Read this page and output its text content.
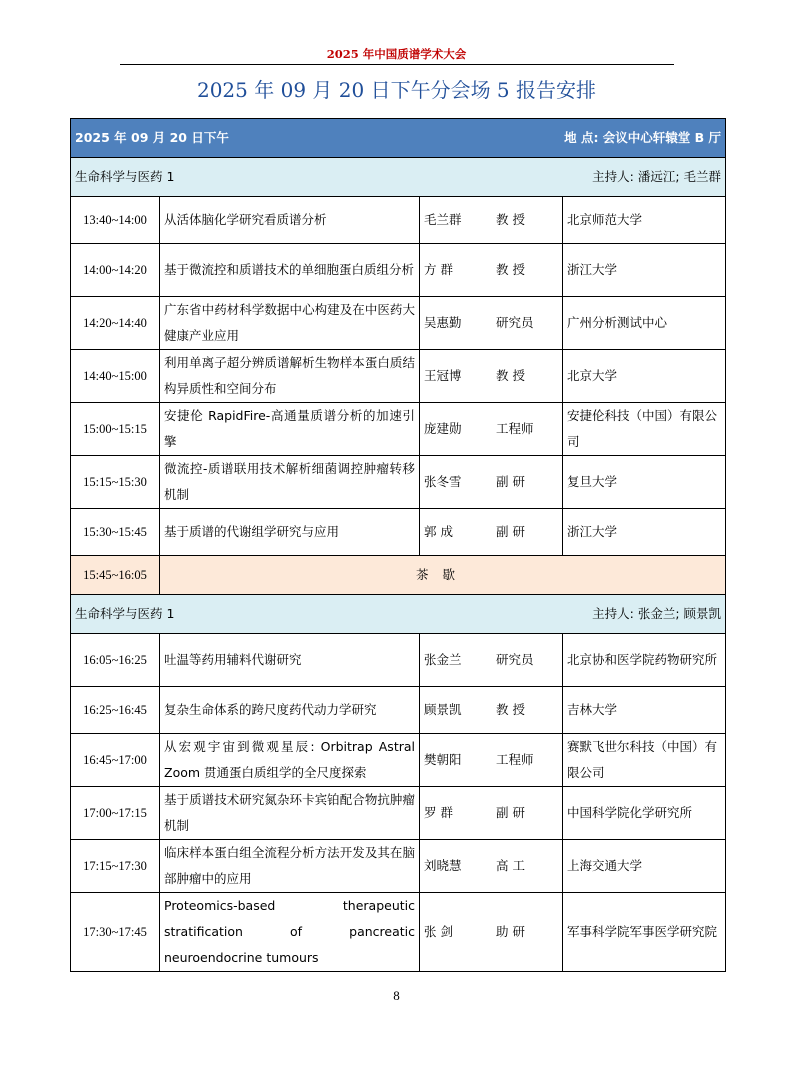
2025 年中国质谱学术大会
2025 年 09 月 20 日下午分会场 5 报告安排
2025 年 09 月 20 日下午 地 点: 会议中心轩辕堂 B 厅			

生命科学与医药 1 主持人: 潘远江; 毛兰群			

13:40~14:00	从活体脑化学研究看质谱分析	毛兰群 教 授	北京师范大学
14:00~14:20	基于微流控和质谱技术的单细胞蛋白质组分析	方 群 教 授	浙江大学
14:20~14:40	广东省中药材科学数据中心构建及在中医药大健康产业应用	吴惠勤 研究员	广州分析测试中心
14:40~15:00	利用单离子超分辨质谱解析生物样本蛋白质结构异质性和空间分布	王冠博 教 授	北京大学
15:00~15:15	安捷伦 RapidFire-高通量质谱分析的加速引擎	庞建勋 工程师	安捷伦科技（中国）有限公司
15:15~15:30	微流控-质谱联用技术解析细菌调控肿瘤转移机制	张冬雪 副 研	复旦大学
15:30~15:45	基于质谱的代谢组学研究与应用	郭 成 副 研	浙江大学
15:45~16:05	茶歇		

生命科学与医药 1 主持人: 张金兰; 顾景凯			

16:05~16:25	吐温等药用辅料代谢研究	张金兰 研究员	北京协和医学院药物研究所
16:25~16:45	复杂生命体系的跨尺度药代动力学研究	顾景凯 教 授	吉林大学
16:45~17:00	从宏观宇宙到微观星辰: Orbitrap Astral Zoom 贯通蛋白质组学的全尺度探索	樊朝阳 工程师	赛默飞世尔科技（中国）有限公司
17:00~17:15	基于质谱技术研究氮杂环卡宾铂配合物抗肿瘤机制	罗 群 副 研	中国科学院化学研究所
17:15~17:30	临床样本蛋白组全流程分析方法开发及其在脑部肿瘤中的应用	刘晓慧 高 工	上海交通大学
17:30~17:45	Proteomics-based therapeutic stratification of pancreatic neuroendocrine tumours	张 剑 助 研	军事科学院军事医学研究院
8
